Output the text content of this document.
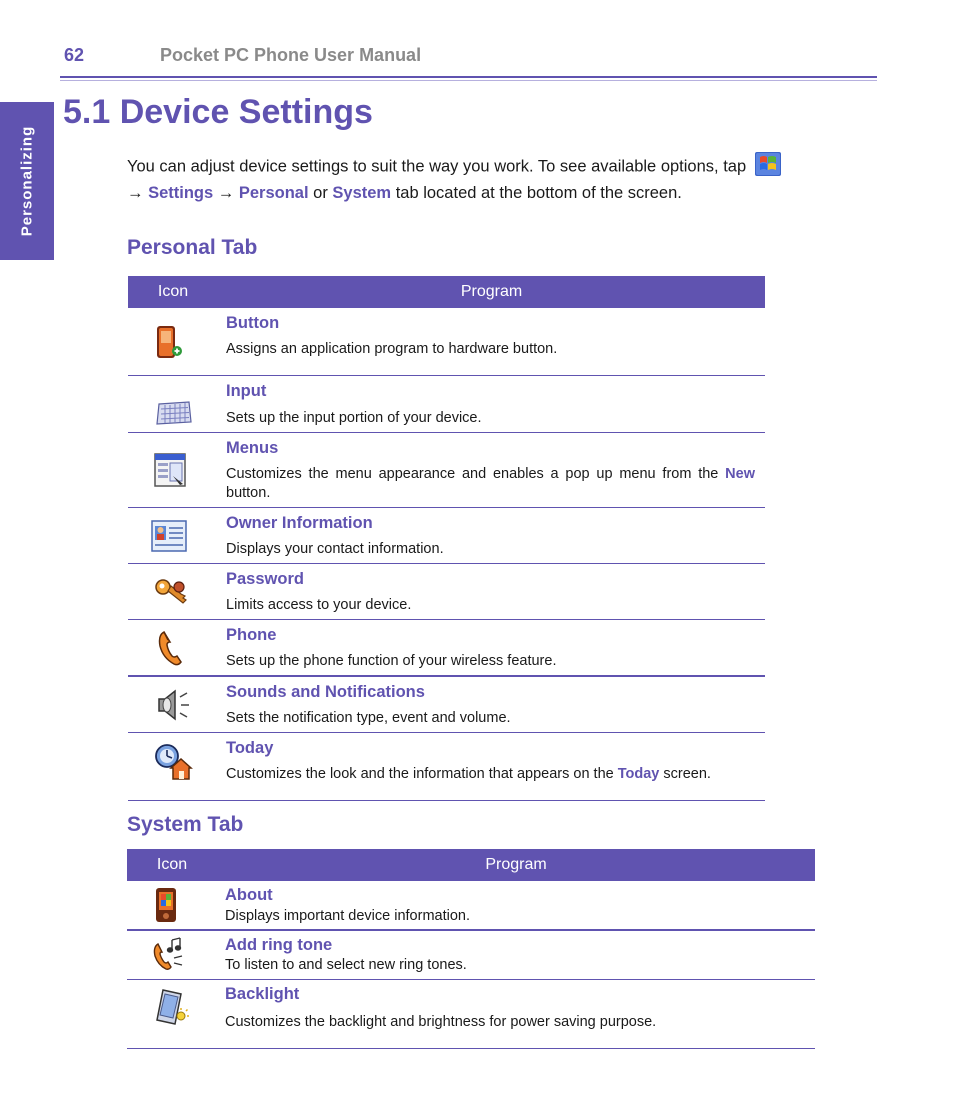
62	Pocket PC Phone User Manual
Personalizing
5.1 Device Settings
You can adjust device settings to suit the way you work. To see available options, tap
→ Settings → Personal or System tab located at the bottom of the screen.
Personal Tab
Icon	Program
Button
Assigns an application program to hardware button.
Input
Sets up the input portion of your device.
Menus
Customizes the menu appearance and enables a pop up menu from the New button.
Owner Information
Displays your contact information.
Password
Limits access to your device.
Phone
Sets up the phone function of your wireless feature.
Sounds and Notifications
Sets the notification type, event and volume.
Today
Customizes the look and the information that appears on the Today screen.
System Tab
Icon	Program
About
Displays important device information.
Add ring tone
To listen to and select new ring tones.
Backlight
Customizes the backlight and brightness for power saving purpose.
